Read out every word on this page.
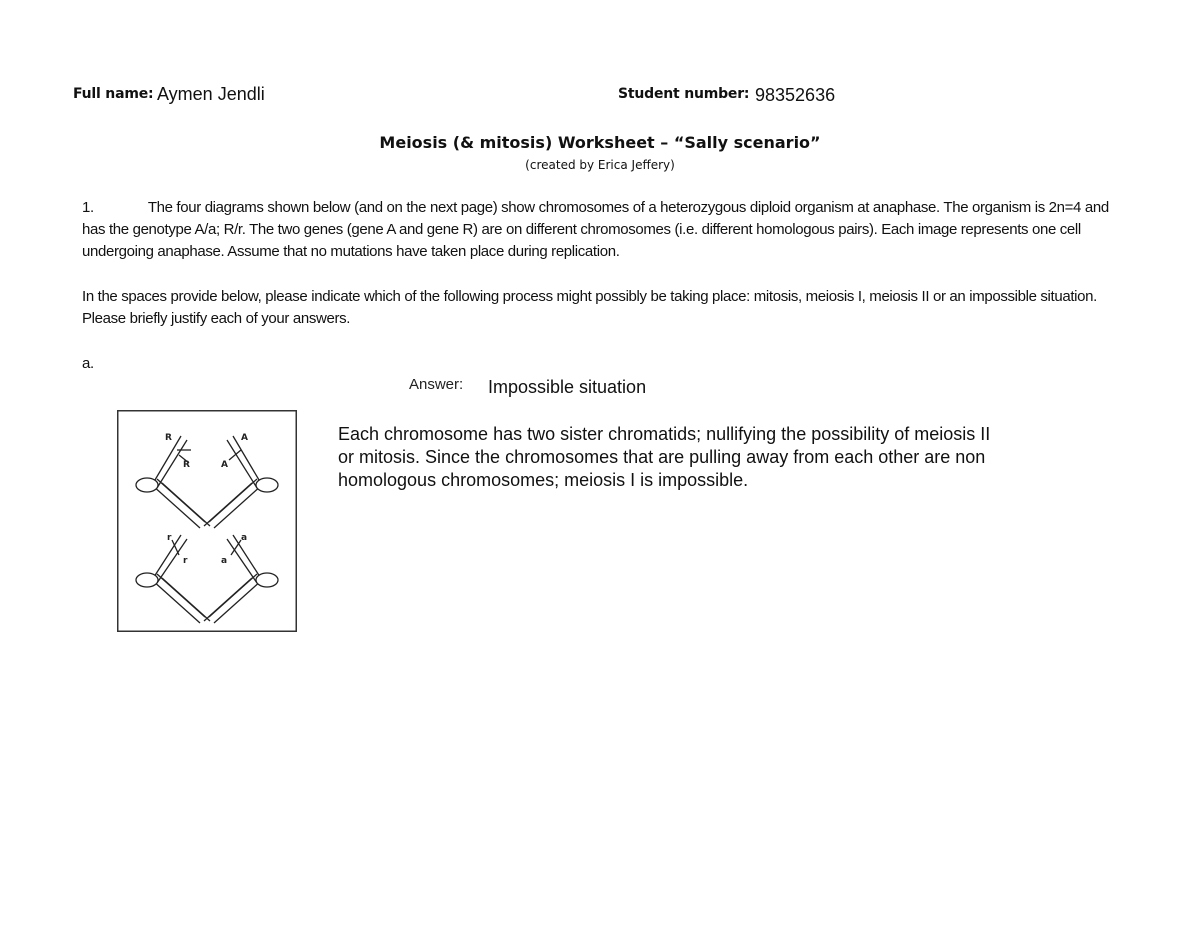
Full name: Aymen Jendli	Student number: 98352636
Meiosis (& mitosis) Worksheet – “Sally scenario”
(created by Erica Jeffery)
1.	The four diagrams shown below (and on the next page) show chromosomes of a heterozygous diploid organism at anaphase. The organism is 2n=4 and has the genotype A/a; R/r. The two genes (gene A and gene R) are on different chromosomes (i.e. different homologous pairs). Each image represents one cell undergoing anaphase. Assume that no mutations have taken place during replication.
In the spaces provide below, please indicate which of the following process might possibly be taking place: mitosis, meiosis I, meiosis II or an impossible situation. Please briefly justify each of your answers.
a.
Answer: Impossible situation
Each chromosome has two sister chromatids; nullifying the possibility of meiosis II or mitosis. Since the chromosomes that are pulling away from each other are non homologous chromosomes; meiosis I is impossible.
R
R
A
A
r
r
a
a
